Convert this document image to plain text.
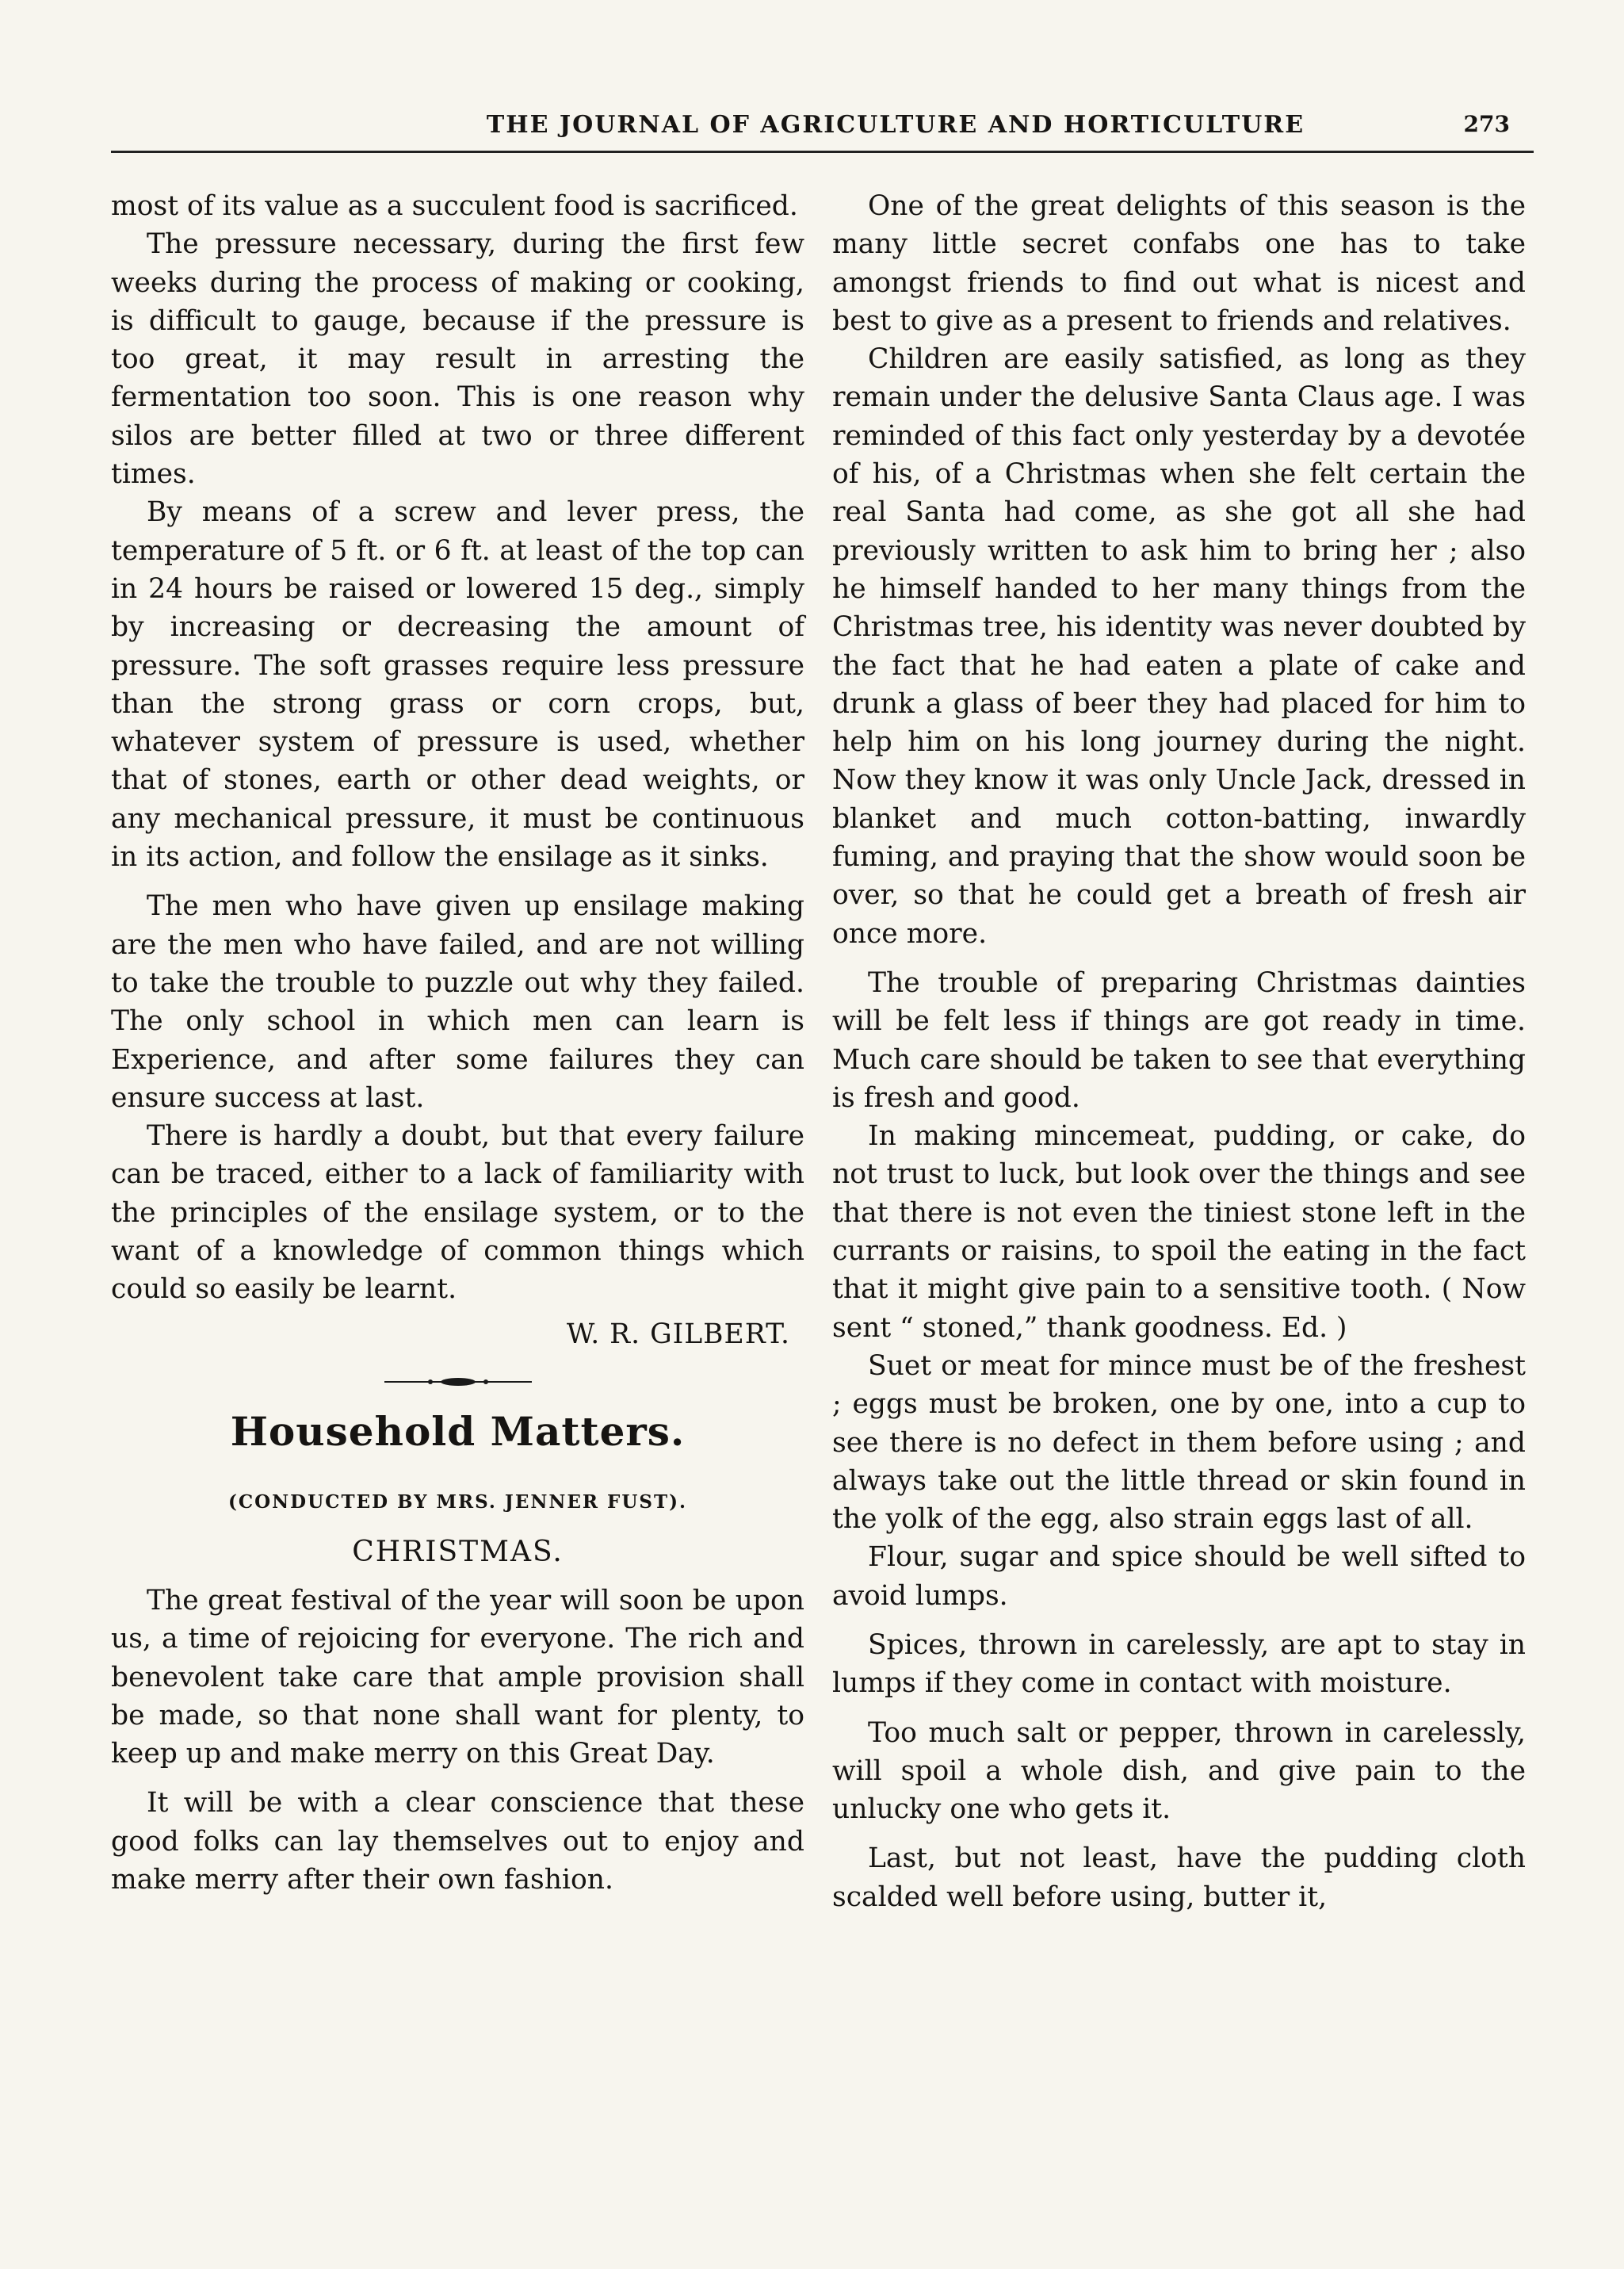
THE JOURNAL OF AGRICULTURE AND HORTICULTURE	273

most of its value as a succulent food is sacrificed.

The pressure necessary, during the first few weeks during the process of making or cooking, is difficult to gauge, because if the pressure is too great, it may result in arresting the fermentation too soon. This is one reason why silos are better filled at two or three different times.

By means of a screw and lever press, the temperature of 5 ft. or 6 ft. at least of the top can in 24 hours be raised or lowered 15 deg., simply by increasing or decreasing the amount of pressure. The soft grasses require less pressure than the strong grass or corn crops, but, whatever system of pressure is used, whether that of stones, earth or other dead weights, or any mechanical pressure, it must be continuous in its action, and follow the ensilage as it sinks.

The men who have given up ensilage making are the men who have failed, and are not willing to take the trouble to puzzle out why they failed. The only school in which men can learn is Experience, and after some failures they can ensure success at last.

There is hardly a doubt, but that every failure can be traced, either to a lack of familiarity with the principles of the ensilage system, or to the want of a knowledge of common things which could so easily be learnt.

W. R. GILBERT.
Household Matters.
(CONDUCTED BY MRS. JENNER FUST).
CHRISTMAS.

The great festival of the year will soon be upon us, a time of rejoicing for everyone. The rich and benevolent take care that ample provision shall be made, so that none shall want for plenty, to keep up and make merry on this Great Day.

It will be with a clear conscience that these good folks can lay themselves out to enjoy and make merry after their own fashion.

One of the great delights of this season is the many little secret confabs one has to take amongst friends to find out what is nicest and best to give as a present to friends and relatives.

Children are easily satisfied, as long as they remain under the delusive Santa Claus age. I was reminded of this fact only yesterday by a devotée of his, of a Christmas when she felt certain the real Santa had come, as she got all she had previously written to ask him to bring her ; also he himself handed to her many things from the Christmas tree, his identity was never doubted by the fact that he had eaten a plate of cake and drunk a glass of beer they had placed for him to help him on his long journey during the night. Now they know it was only Uncle Jack, dressed in blanket and much cotton-batting, inwardly fuming, and praying that the show would soon be over, so that he could get a breath of fresh air once more.

The trouble of preparing Christmas dainties will be felt less if things are got ready in time. Much care should be taken to see that everything is fresh and good.

In making mincemeat, pudding, or cake, do not trust to luck, but look over the things and see that there is not even the tiniest stone left in the currants or raisins, to spoil the eating in the fact that it might give pain to a sensitive tooth. ( Now sent “ stoned,” thank goodness. Ed. )

Suet or meat for mince must be of the freshest ; eggs must be broken, one by one, into a cup to see there is no defect in them before using ; and always take out the little thread or skin found in the yolk of the egg, also strain eggs last of all.

Flour, sugar and spice should be well sifted to avoid lumps.

Spices, thrown in carelessly, are apt to stay in lumps if they come in contact with moisture.

Too much salt or pepper, thrown in carelessly, will spoil a whole dish, and give pain to the unlucky one who gets it.

Last, but not least, have the pudding cloth scalded well before using, butter it,
